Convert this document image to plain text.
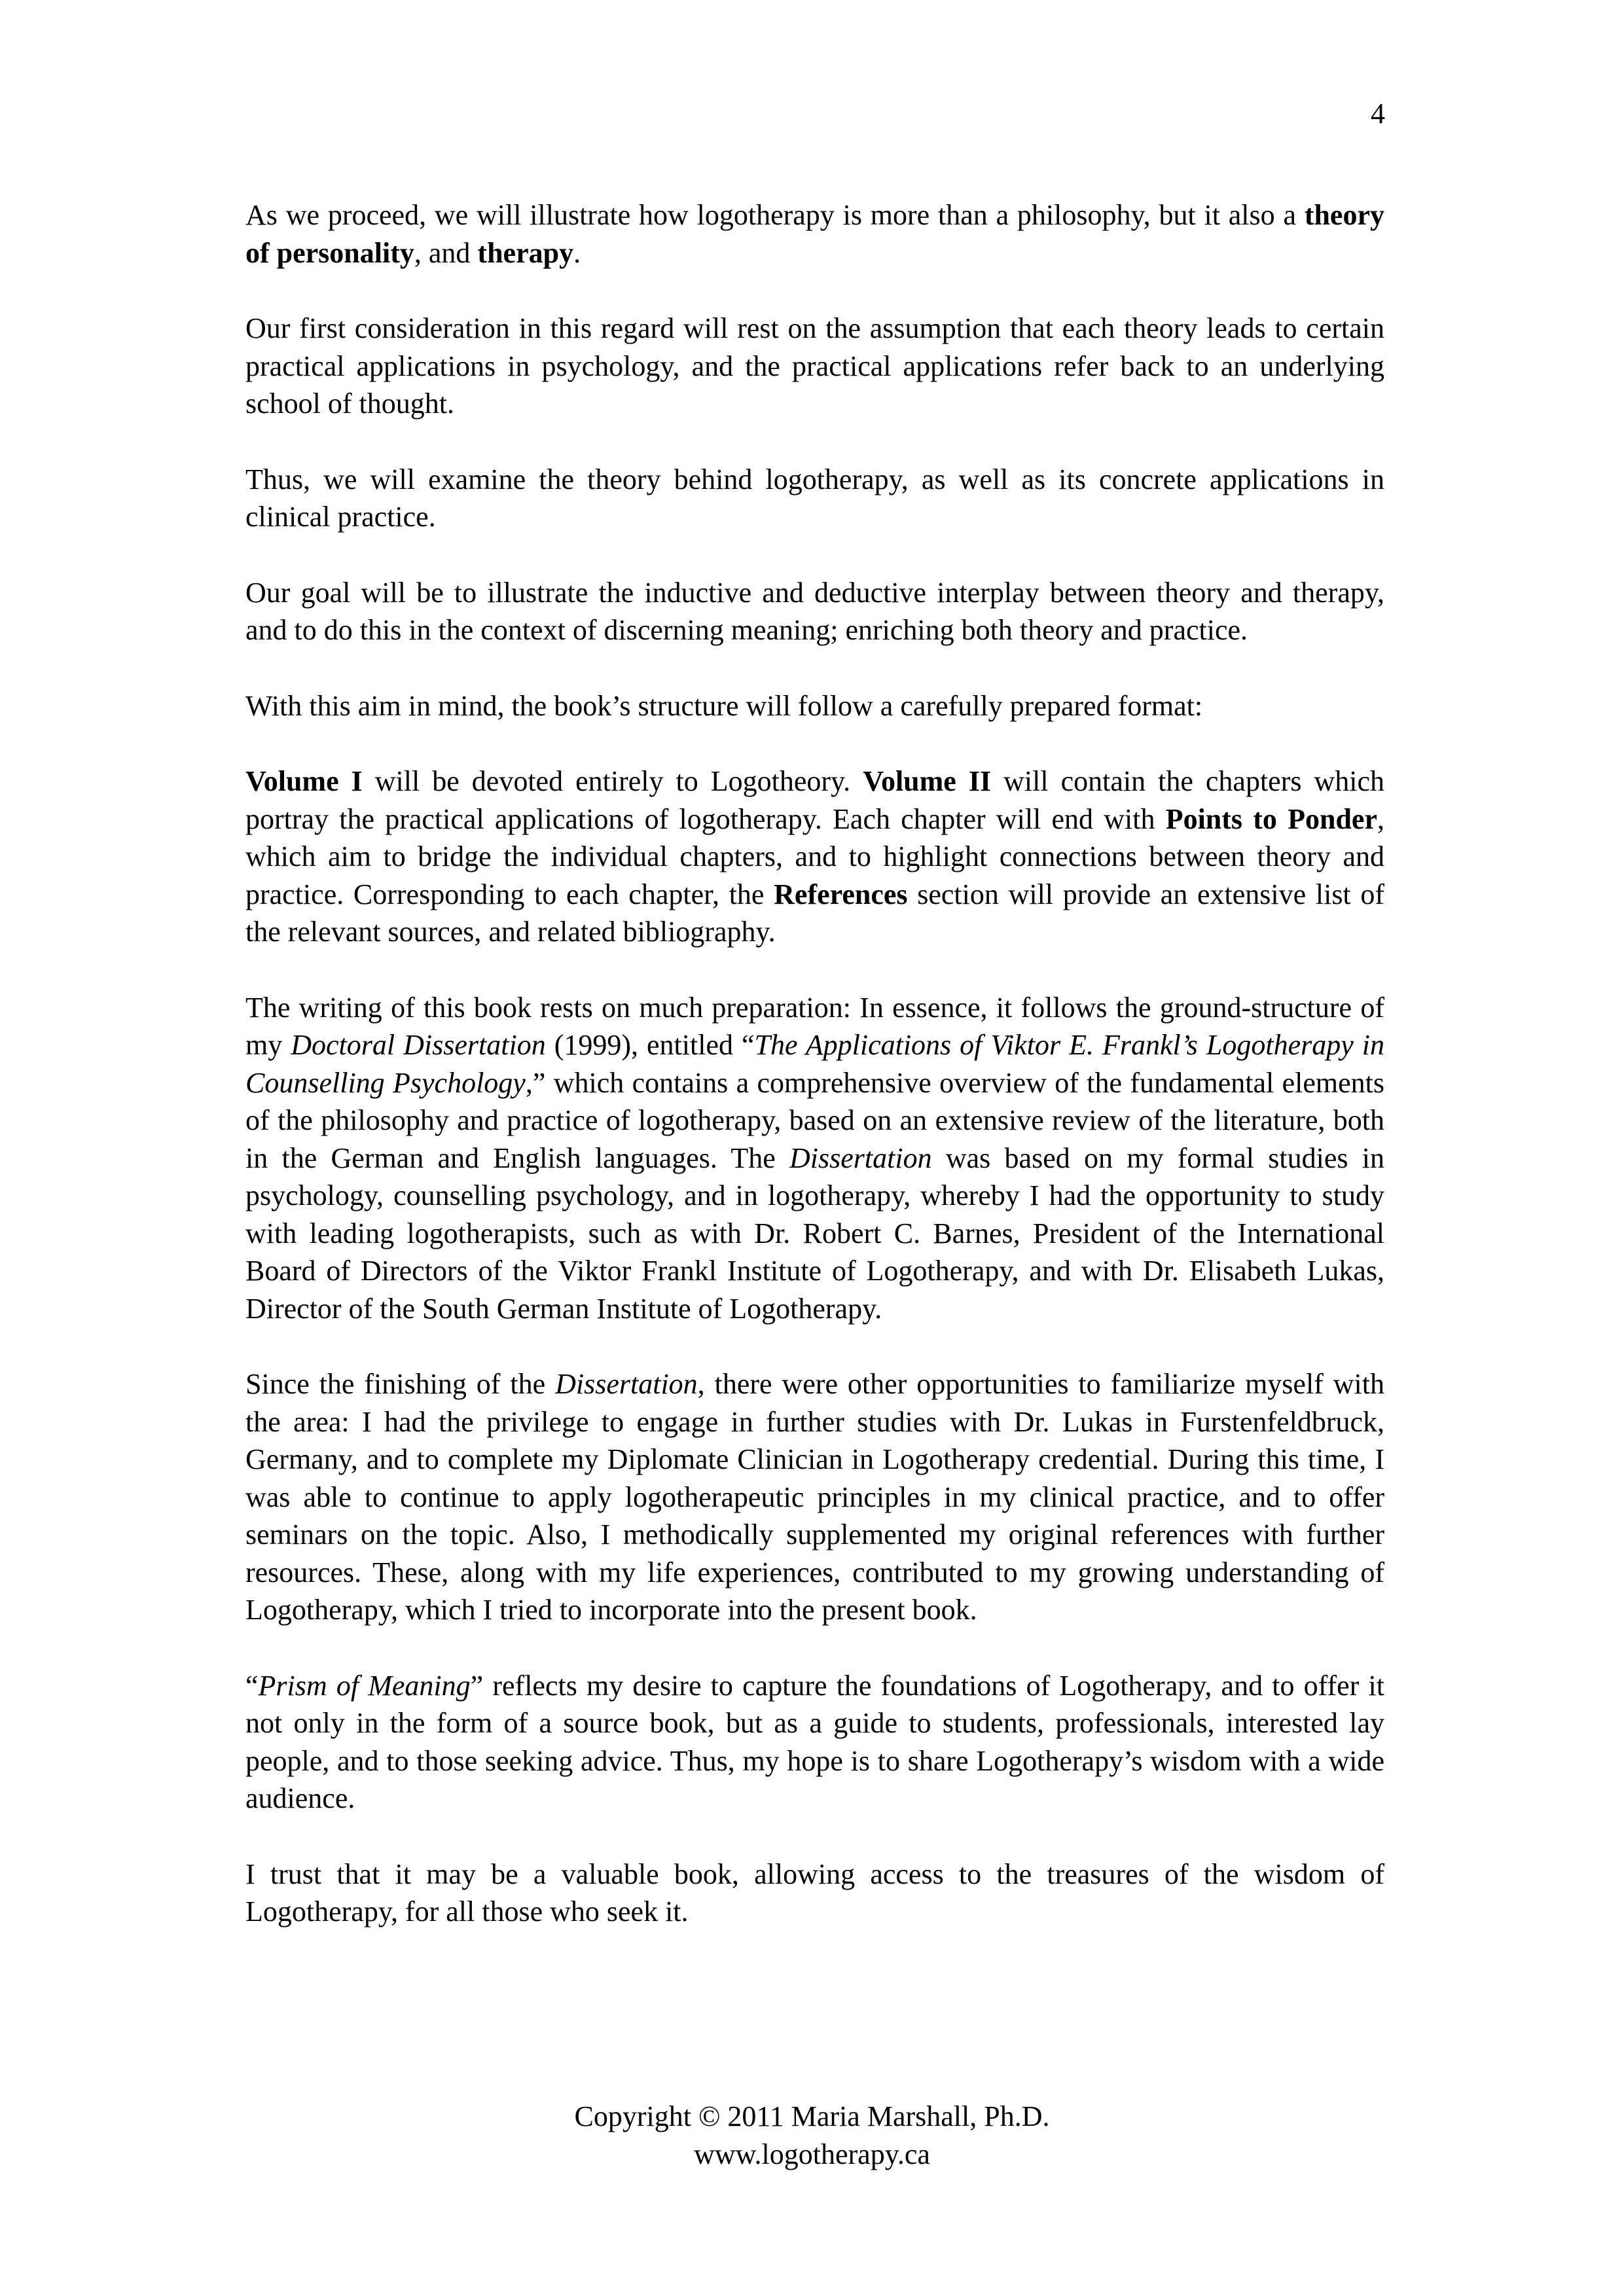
4

As we proceed, we will illustrate how logotherapy is more than a philosophy, but it also a theory of personality, and therapy.

Our first consideration in this regard will rest on the assumption that each theory leads to certain practical applications in psychology, and the practical applications refer back to an underlying school of thought.

Thus, we will examine the theory behind logotherapy, as well as its concrete applications in clinical practice.

Our goal will be to illustrate the inductive and deductive interplay between theory and therapy, and to do this in the context of discerning meaning; enriching both theory and practice.

With this aim in mind, the book’s structure will follow a carefully prepared format:

Volume I will be devoted entirely to Logotheory. Volume II will contain the chapters which portray the practical applications of logotherapy. Each chapter will end with Points to Ponder, which aim to bridge the individual chapters, and to highlight connections between theory and practice. Corresponding to each chapter, the References section will provide an extensive list of the relevant sources, and related bibliography.

The writing of this book rests on much preparation: In essence, it follows the ground-structure of my Doctoral Dissertation (1999), entitled “The Applications of Viktor E. Frankl’s Logotherapy in Counselling Psychology,” which contains a comprehensive overview of the fundamental elements of the philosophy and practice of logotherapy, based on an extensive review of the literature, both in the German and English languages. The Dissertation was based on my formal studies in psychology, counselling psychology, and in logotherapy, whereby I had the opportunity to study with leading logotherapists, such as with Dr. Robert C. Barnes, President of the International Board of Directors of the Viktor Frankl Institute of Logotherapy, and with Dr. Elisabeth Lukas, Director of the South German Institute of Logotherapy.

Since the finishing of the Dissertation, there were other opportunities to familiarize myself with the area: I had the privilege to engage in further studies with Dr. Lukas in Furstenfeldbruck, Germany, and to complete my Diplomate Clinician in Logotherapy credential. During this time, I was able to continue to apply logotherapeutic principles in my clinical practice, and to offer seminars on the topic. Also, I methodically supplemented my original references with further resources. These, along with my life experiences, contributed to my growing understanding of Logotherapy, which I tried to incorporate into the present book.

“Prism of Meaning” reflects my desire to capture the foundations of Logotherapy, and to offer it not only in the form of a source book, but as a guide to students, professionals, interested lay people, and to those seeking advice. Thus, my hope is to share Logotherapy’s wisdom with a wide audience.

I trust that it may be a valuable book, allowing access to the treasures of the wisdom of Logotherapy, for all those who seek it.

Copyright © 2011 Maria Marshall, Ph.D.
www.logotherapy.ca
